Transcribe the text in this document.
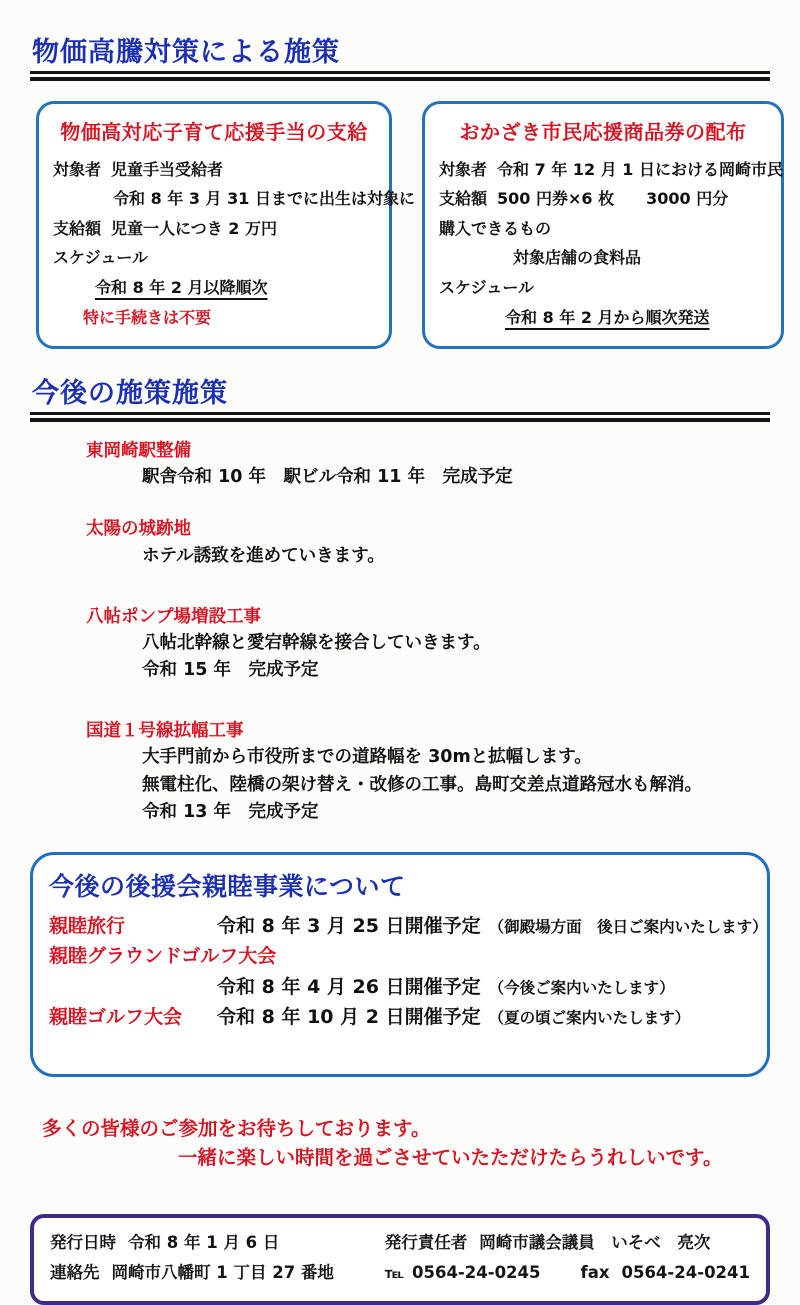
物価高騰対策による施策
物価高対応子育て応援手当の支給
対象者 児童手当受給者
令和 8 年 3 月 31 日までに出生は対象に
支給額 児童一人につき 2 万円
スケジュール
令和 8 年 2 月以降順次
特に手続きは不要
おかざき市民応援商品券の配布
対象者 令和 7 年 12 月 1 日における岡崎市民
支給額 500 円券×6 枚　　3000 円分
購入できるもの
対象店舗の食料品
スケジュール
令和 8 年 2 月から順次発送
今後の施策施策
東岡崎駅整備
駅舎令和 10 年　駅ビル令和 11 年　完成予定
太陽の城跡地
ホテル誘致を進めていきます。
八帖ポンプ場増設工事
八帖北幹線と愛宕幹線を接合していきます。
令和 15 年　完成予定
国道１号線拡幅工事
大手門前から市役所までの道路幅を 30mと拡幅します。
無電柱化、陸橋の架け替え・改修の工事。島町交差点道路冠水も解消。
令和 13 年　完成予定
今後の後援会親睦事業について
親睦旅行	令和 8 年 3 月 25 日開催予定 （御殿場方面　後日ご案内いたします）
親睦グラウンドゴルフ大会
令和 8 年 4 月 26 日開催予定 （今後ご案内いたします）
親睦ゴルフ大会	令和 8 年 10 月 2 日開催予定 （夏の頃ご案内いたします）
多くの皆様のご参加をお待ちしております。
一緒に楽しい時間を過ごさせていたただけたらうれしいです。
発行日時 令和 8 年 1 月 6 日
連絡先 岡崎市八幡町 1 丁目 27 番地
発行責任者 岡崎市議会議員　いそべ　亮次
℡ 0564-24-0245 fax 0564-24-0241
